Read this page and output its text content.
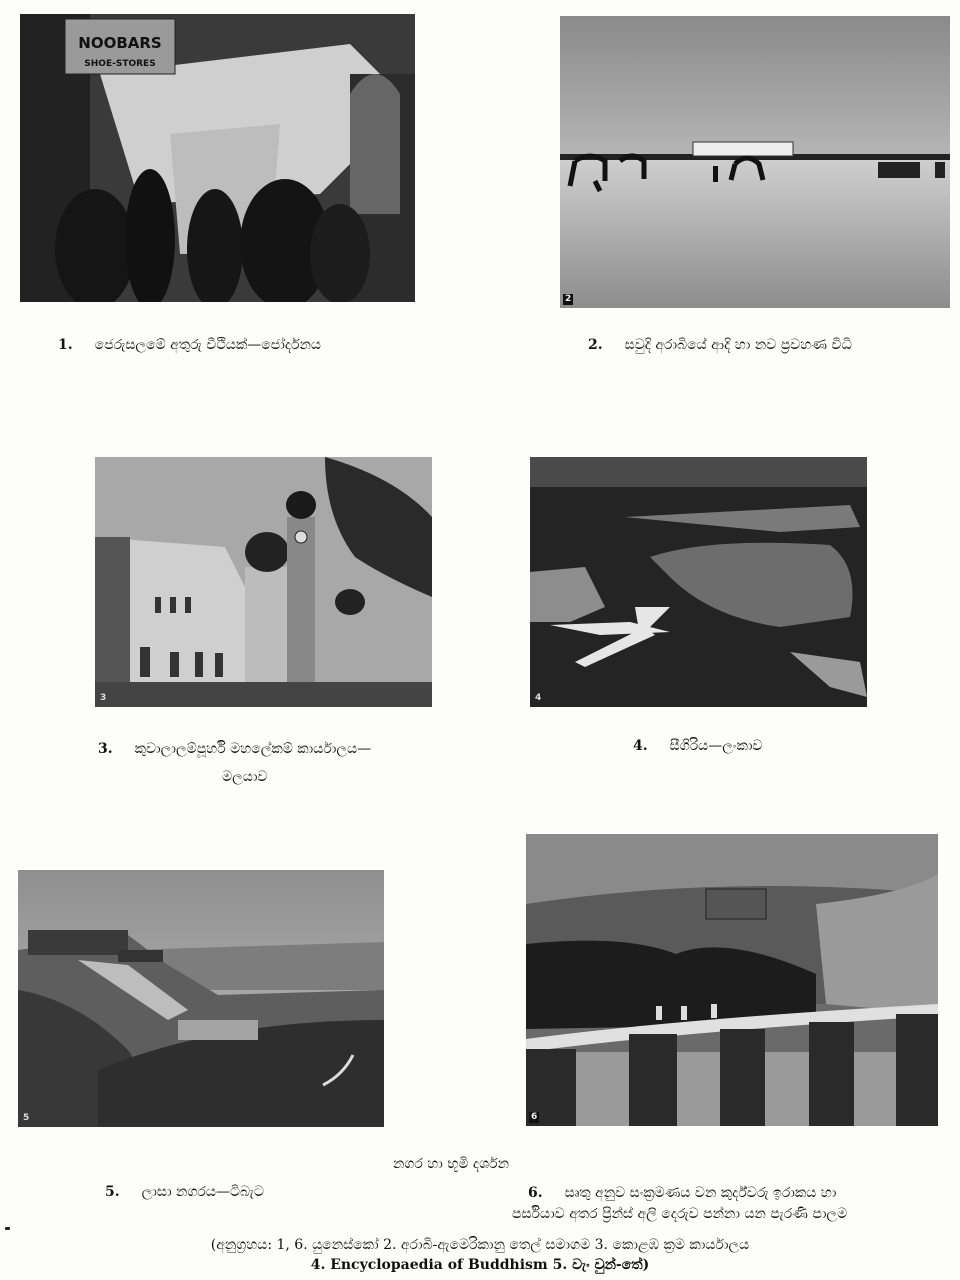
NOOBARS
SHOE-STORES
2
3	4
5	6
1. ජෙරුසලමේ අතුරු වීථියක්—ජෝර්දනය	2. සවුදි අරාබියේ ආදි හා නව ප්‍රවහණ විධි
3. කුවාලාලම්පූර්හි මහලේකම් කාර්යාලය—
මලයාව
4. සීගිරිය—ලංකාව
නගර හා භූමි දර්ශන
5. ලාසා නගරය—ටිබැට	6. සෘතු අනුව සංක්‍රමණය වන කුර්ද්වරු ඉරාකය හා
පර්සියාව අතර ප්‍රින්ස් අලි දෙරුව පන්නා යන පැරණි පාලම
(අනුග්‍රහය: 1, 6. යුනෙස්කෝ 2. අරාබි-ඇමෙරිකානු තෙල් සමාගම 3. කොළඹ ක්‍රම කාර්යාලය
4. Encyclopaedia of Buddhism 5. වැං වුන්-තේ)
